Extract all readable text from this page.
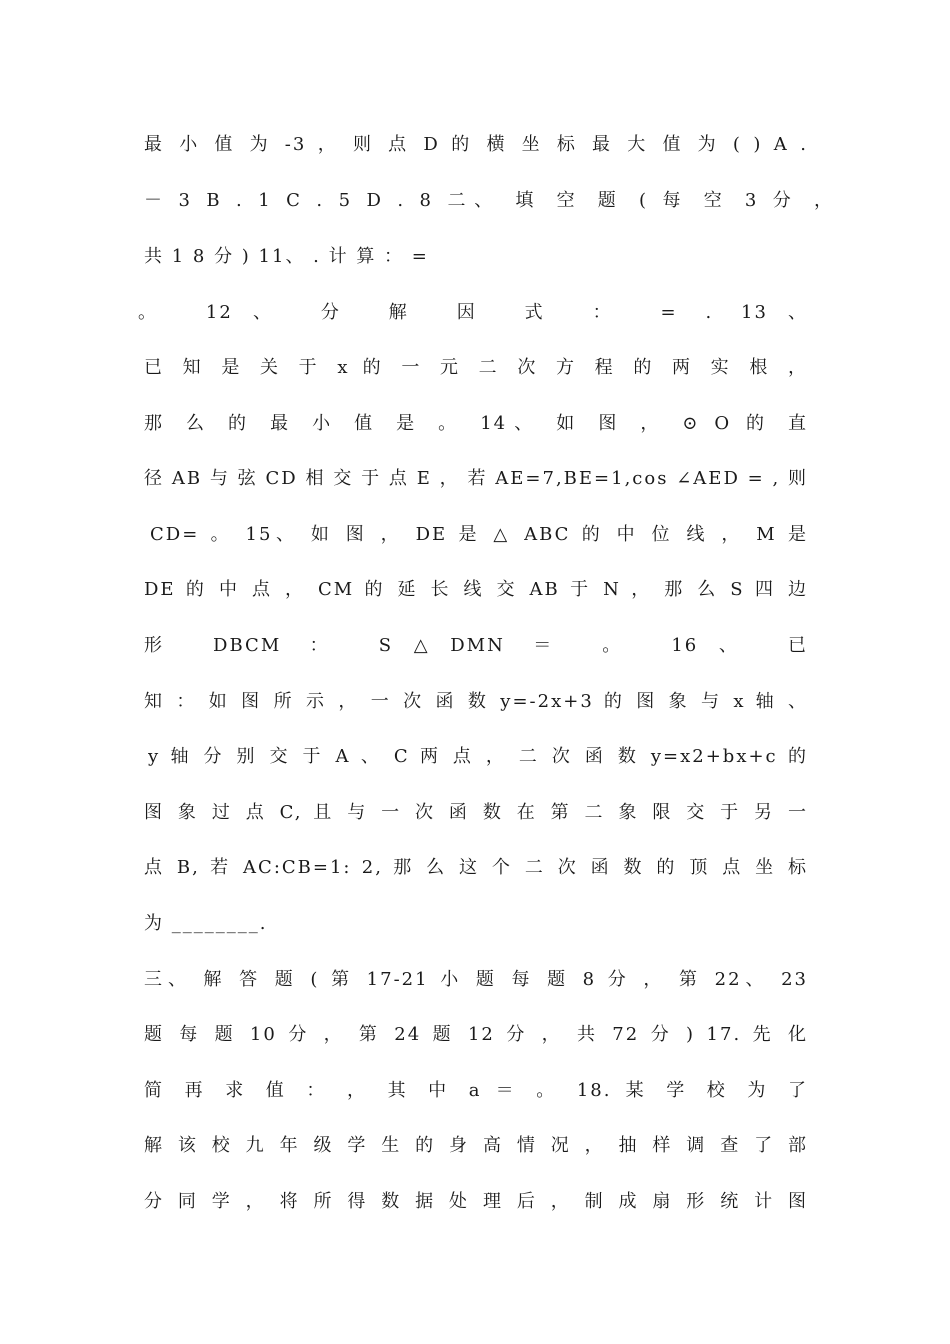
最 小 值 为 -3 ， 则 点 D 的 横 坐 标 最 大 值 为 ( ) A .
－ 3 B . 1 C . 5 D . 8 二、 填 空 题 ( 每 空 3 分 ，
共 1 8 分 ) 11、 . 计 算 ： =
。 12、 分 解 因 式 ： = . 13、
已 知 是 关 于 x 的 一 元 二 次 方 程 的 两 实 根 ，
那 么 的 最 小 值 是 。 14、 如 图 ， ⊙ O 的 直
径 AB 与 弦 CD 相 交 于 点 E ， 若 AE=7,BE=1,cos ∠AED = , 则
CD= 。 15、 如 图 ， DE 是 △ ABC 的 中 位 线 ， M 是
DE 的 中 点 ， CM 的 延 长 线 交 AB 于 N ， 那 么 S 四 边
形 DBCM ： S△DMN ＝ 。 16、 已
知 ： 如 图 所 示 ， 一 次 函 数 y=-2x+3 的 图 象 与 x 轴 、
y 轴 分 别 交 于 A 、 C 两 点 ， 二 次 函 数 y=x2+bx+c 的
图 象 过 点 C, 且 与 一 次 函 数 在 第 二 象 限 交 于 另 一
点 B, 若 AC:CB=1: 2, 那 么 这 个 二 次 函 数 的 顶 点 坐 标
为 ________.
三、 解 答 题 ( 第 17-21 小 题 每 题 8 分 ， 第 22、 23
题 每 题 10 分 ， 第 24 题 12 分 ， 共 72 分 ) 17. 先 化
简 再 求 值 ： ， 其 中 a ＝ 。 18. 某 学 校 为 了
解 该 校 九 年 级 学 生 的 身 高 情 况 ， 抽 样 调 查 了 部
分 同 学 ， 将 所 得 数 据 处 理 后 ， 制 成 扇 形 统 计 图
